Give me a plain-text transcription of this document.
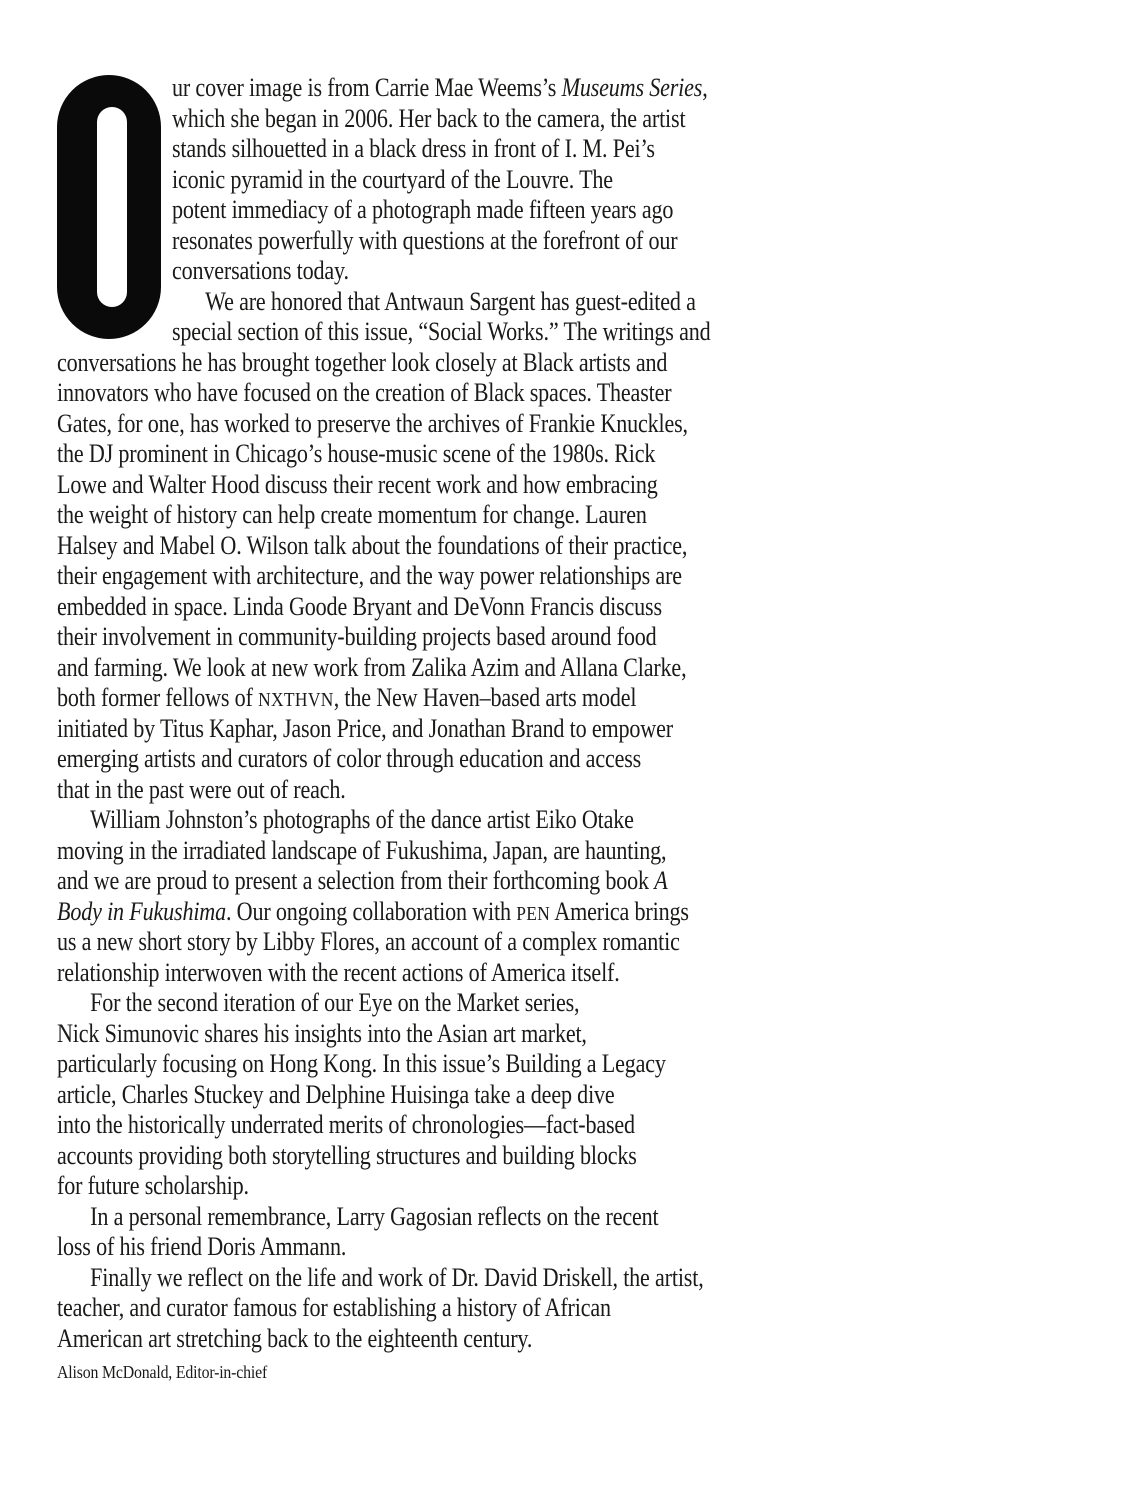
ur cover image is from Carrie Mae Weems’s Museums Series,
which she began in 2006. Her back to the camera, the artist
stands silhouetted in a black dress in front of I. M. Pei’s
iconic pyramid in the courtyard of the Louvre. The
potent immediacy of a photograph made fifteen years ago
resonates powerfully with questions at the forefront of our
conversations today.
We are honored that Antwaun Sargent has guest-edited a
special section of this issue, “Social Works.” The writings and
conversations he has brought together look closely at Black artists and
innovators who have focused on the creation of Black spaces. Theaster
Gates, for one, has worked to preserve the archives of Frankie Knuckles,
the DJ prominent in Chicago’s house-music scene of the 1980s. Rick
Lowe and Walter Hood discuss their recent work and how embracing
the weight of history can help create momentum for change. Lauren
Halsey and Mabel O. Wilson talk about the foundations of their practice,
their engagement with architecture, and the way power relationships are
embedded in space. Linda Goode Bryant and DeVonn Francis discuss
their involvement in community-building projects based around food
and farming. We look at new work from Zalika Azim and Allana Clarke,
both former fellows of NXTHVN, the New Haven–based arts model
initiated by Titus Kaphar, Jason Price, and Jonathan Brand to empower
emerging artists and curators of color through education and access
that in the past were out of reach.
William Johnston’s photographs of the dance artist Eiko Otake
moving in the irradiated landscape of Fukushima, Japan, are haunting,
and we are proud to present a selection from their forthcoming book A
Body in Fukushima. Our ongoing collaboration with PEN America brings
us a new short story by Libby Flores, an account of a complex romantic
relationship interwoven with the recent actions of America itself.
For the second iteration of our Eye on the Market series,
Nick Simunovic shares his insights into the Asian art market,
particularly focusing on Hong Kong. In this issue’s Building a Legacy
article, Charles Stuckey and Delphine Huisinga take a deep dive
into the historically underrated merits of chronologies—fact-based
accounts providing both storytelling structures and building blocks
for future scholarship.
In a personal remembrance, Larry Gagosian reflects on the recent
loss of his friend Doris Ammann.
Finally we reflect on the life and work of Dr. David Driskell, the artist,
teacher, and curator famous for establishing a history of African
American art stretching back to the eighteenth century.
Alison McDonald, Editor-in-chief
